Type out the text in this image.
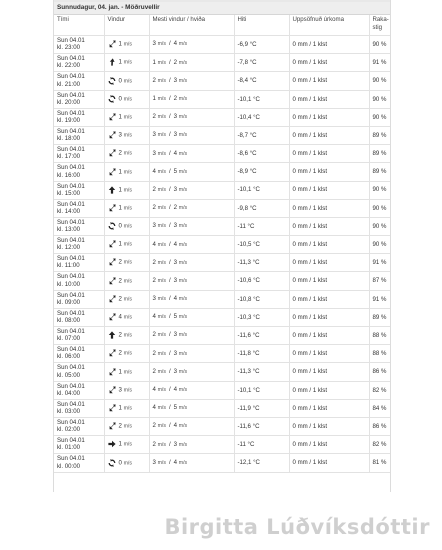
Sunnudagur, 04. jan. - Möðruvellir
Tími	Vindur	Mesti vindur / hviða	Hiti	Uppsöfnuð úrkoma	Raka-stig
Sun 04.01
kl. 23:00	1 m/s	3 m/s / 4 m/s	-6,9 °C	0 mm / 1 klst	90 %
Sun 04.01
kl. 22:00	1 m/s	1 m/s / 2 m/s	-7,8 °C	0 mm / 1 klst	91 %
Sun 04.01
kl. 21:00	0 m/s	2 m/s / 3 m/s	-8,4 °C	0 mm / 1 klst	90 %
Sun 04.01
kl. 20:00	0 m/s	1 m/s / 2 m/s	-10,1 °C	0 mm / 1 klst	90 %
Sun 04.01
kl. 19:00	1 m/s	2 m/s / 3 m/s	-10,4 °C	0 mm / 1 klst	90 %
Sun 04.01
kl. 18:00	3 m/s	3 m/s / 3 m/s	-8,7 °C	0 mm / 1 klst	89 %
Sun 04.01
kl. 17:00	2 m/s	3 m/s / 4 m/s	-8,6 °C	0 mm / 1 klst	89 %
Sun 04.01
kl. 16:00	1 m/s	4 m/s / 5 m/s	-8,9 °C	0 mm / 1 klst	89 %
Sun 04.01
kl. 15:00	1 m/s	2 m/s / 3 m/s	-10,1 °C	0 mm / 1 klst	90 %
Sun 04.01
kl. 14:00	1 m/s	2 m/s / 2 m/s	-9,8 °C	0 mm / 1 klst	90 %
Sun 04.01
kl. 13:00	0 m/s	3 m/s / 3 m/s	-11 °C	0 mm / 1 klst	90 %
Sun 04.01
kl. 12:00	1 m/s	4 m/s / 4 m/s	-10,5 °C	0 mm / 1 klst	90 %
Sun 04.01
kl. 11:00	2 m/s	2 m/s / 3 m/s	-11,3 °C	0 mm / 1 klst	91 %
Sun 04.01
kl. 10:00	2 m/s	2 m/s / 3 m/s	-10,6 °C	0 mm / 1 klst	87 %
Sun 04.01
kl. 09:00	2 m/s	3 m/s / 4 m/s	-10,8 °C	0 mm / 1 klst	91 %
Sun 04.01
kl. 08:00	4 m/s	4 m/s / 5 m/s	-10,3 °C	0 mm / 1 klst	89 %
Sun 04.01
kl. 07:00	2 m/s	2 m/s / 3 m/s	-11,6 °C	0 mm / 1 klst	88 %
Sun 04.01
kl. 06:00	2 m/s	2 m/s / 3 m/s	-11,8 °C	0 mm / 1 klst	88 %
Sun 04.01
kl. 05:00	1 m/s	2 m/s / 3 m/s	-11,3 °C	0 mm / 1 klst	86 %
Sun 04.01
kl. 04:00	3 m/s	4 m/s / 4 m/s	-10,1 °C	0 mm / 1 klst	82 %
Sun 04.01
kl. 03:00	1 m/s	4 m/s / 5 m/s	-11,9 °C	0 mm / 1 klst	84 %
Sun 04.01
kl. 02:00	2 m/s	2 m/s / 4 m/s	-11,6 °C	0 mm / 1 klst	86 %
Sun 04.01
kl. 01:00	1 m/s	2 m/s / 3 m/s	-11 °C	0 mm / 1 klst	82 %
Sun 04.01
kl. 00:00	0 m/s	3 m/s / 4 m/s	-12,1 °C	0 mm / 1 klst	81 %
Birgitta Lúðvíksdóttir
